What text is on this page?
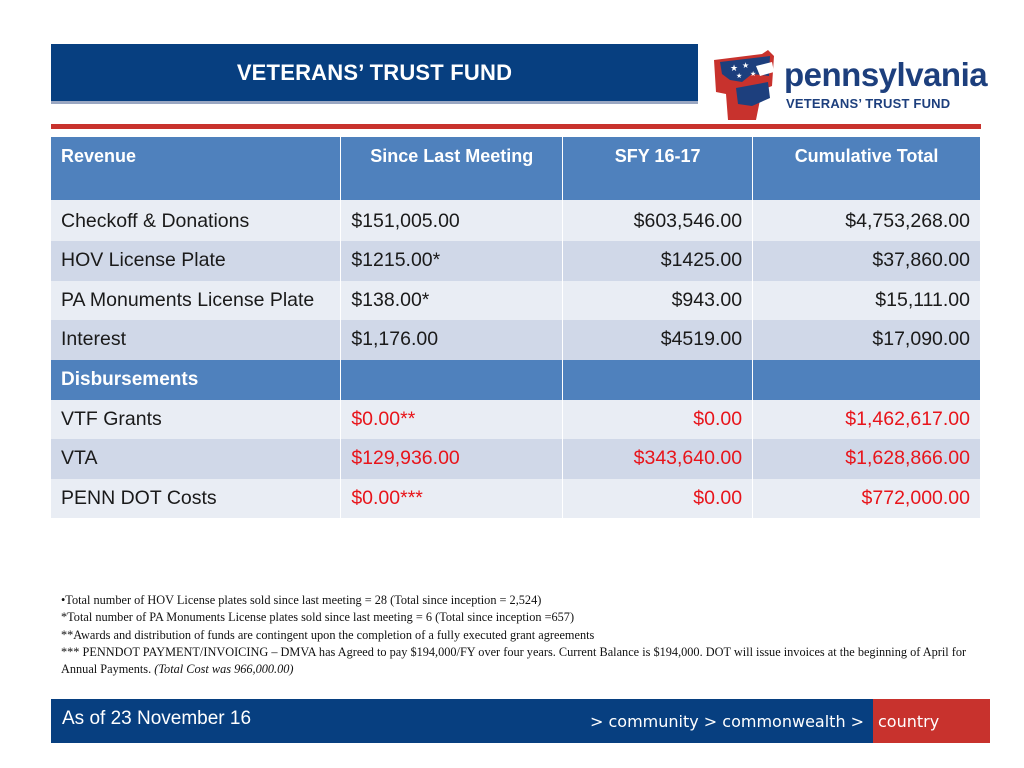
VETERANS’ TRUST FUND	★ ★
★ ★ pennsylvania
VETERANS’ TRUST FUND
Revenue	Since Last Meeting	SFY 16-17	Cumulative Total
Checkoff & Donations	$151,005.00	$603,546.00	$4,753,268.00
HOV License Plate	$1215.00*	$1425.00	$37,860.00
PA Monuments License Plate	$138.00*	$943.00	$15,111.00
Interest	$1,176.00	$4519.00	$17,090.00
Disbursements			
VTF Grants	$0.00**	$0.00	$1,462,617.00
VTA	$129,936.00	$343,640.00	$1,628,866.00
PENN DOT Costs	$0.00***	$0.00	$772,000.00

•Total number of HOV License plates sold since last meeting = 28 (Total since inception = 2,524)

*Total number of PA Monuments License plates sold since last meeting = 6 (Total since inception =657)

**Awards and distribution of funds are contingent upon the completion of a fully executed grant agreements

*** PENNDOT PAYMENT/INVOICING – DMVA has Agreed to pay $194,000/FY over four years. Current Balance is $194,000. DOT will issue invoices at the beginning of April for Annual Payments. (Total Cost was 966,000.00)

As of 23 November 16	> community > commonwealth > country
